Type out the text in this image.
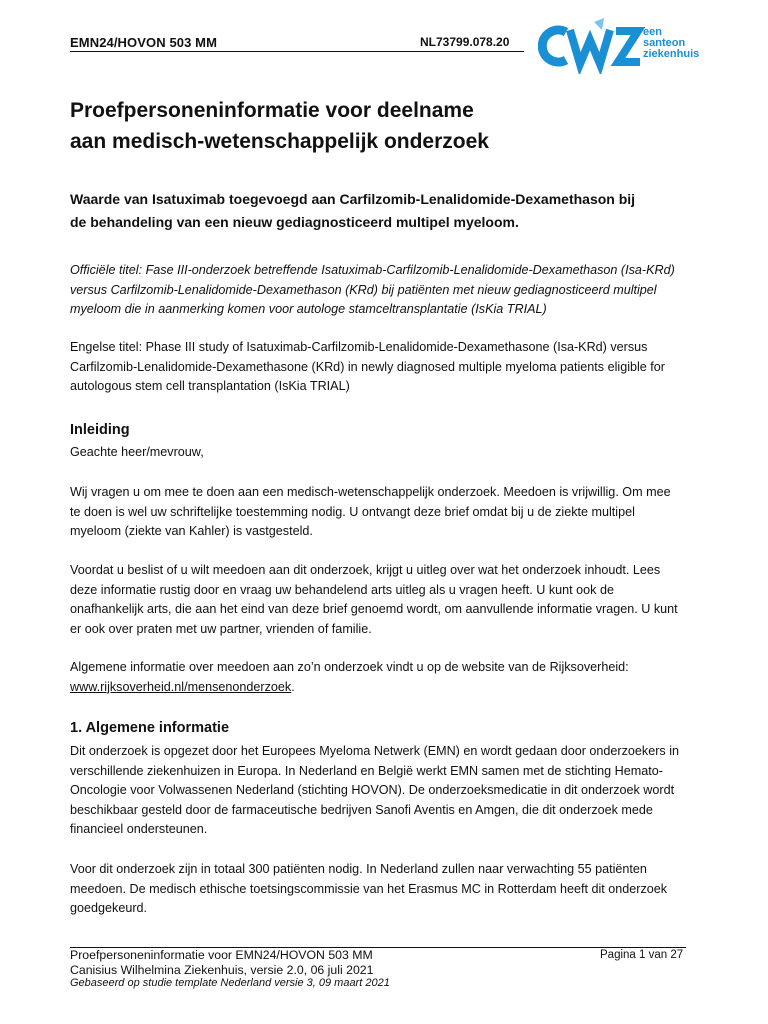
EMN24/HOVON 503 MM	NL73799.078.20
een
santeon
ziekenhuis
Proefpersoneninformatie voor deelname
aan medisch-wetenschappelijk onderzoek
Waarde van Isatuximab toegevoegd aan Carfilzomib-Lenalidomide-Dexamethason bij
de behandeling van een nieuw gediagnosticeerd multipel myeloom.
Officiële titel: Fase III-onderzoek betreffende Isatuximab-Carfilzomib-Lenalidomide-Dexamethason (Isa-KRd)
versus Carfilzomib-Lenalidomide-Dexamethason (KRd) bij patiënten met nieuw gediagnosticeerd multipel
myeloom die in aanmerking komen voor autologe stamceltransplantatie (IsKia TRIAL)
Engelse titel: Phase III study of Isatuximab-Carfilzomib-Lenalidomide-Dexamethasone (Isa-KRd) versus
Carfilzomib-Lenalidomide-Dexamethasone (KRd) in newly diagnosed multiple myeloma patients eligible for
autologous stem cell transplantation (IsKia TRIAL)
Inleiding
Geachte heer/mevrouw,
Wij vragen u om mee te doen aan een medisch-wetenschappelijk onderzoek. Meedoen is vrijwillig. Om mee
te doen is wel uw schriftelijke toestemming nodig. U ontvangt deze brief omdat bij u de ziekte multipel
myeloom (ziekte van Kahler) is vastgesteld.
Voordat u beslist of u wilt meedoen aan dit onderzoek, krijgt u uitleg over wat het onderzoek inhoudt. Lees
deze informatie rustig door en vraag uw behandelend arts uitleg als u vragen heeft. U kunt ook de
onafhankelijk arts, die aan het eind van deze brief genoemd wordt, om aanvullende informatie vragen. U kunt
er ook over praten met uw partner, vrienden of familie.
Algemene informatie over meedoen aan zo’n onderzoek vindt u op de website van de Rijksoverheid:
www.rijksoverheid.nl/mensenonderzoek.
1. Algemene informatie
Dit onderzoek is opgezet door het Europees Myeloma Netwerk (EMN) en wordt gedaan door onderzoekers in
verschillende ziekenhuizen in Europa. In Nederland en België werkt EMN samen met de stichting Hemato-
Oncologie voor Volwassenen Nederland (stichting HOVON). De onderzoeksmedicatie in dit onderzoek wordt
beschikbaar gesteld door de farmaceutische bedrijven Sanofi Aventis en Amgen, die dit onderzoek mede
financieel ondersteunen.
Voor dit onderzoek zijn in totaal 300 patiënten nodig. In Nederland zullen naar verwachting 55 patiënten
meedoen. De medisch ethische toetsingscommissie van het Erasmus MC in Rotterdam heeft dit onderzoek
goedgekeurd.
Proefpersoneninformatie voor EMN24/HOVON 503 MM	Pagina 1 van 27
Canisius Wilhelmina Ziekenhuis, versie 2.0, 06 juli 2021
Gebaseerd op studie template Nederland versie 3, 09 maart 2021
